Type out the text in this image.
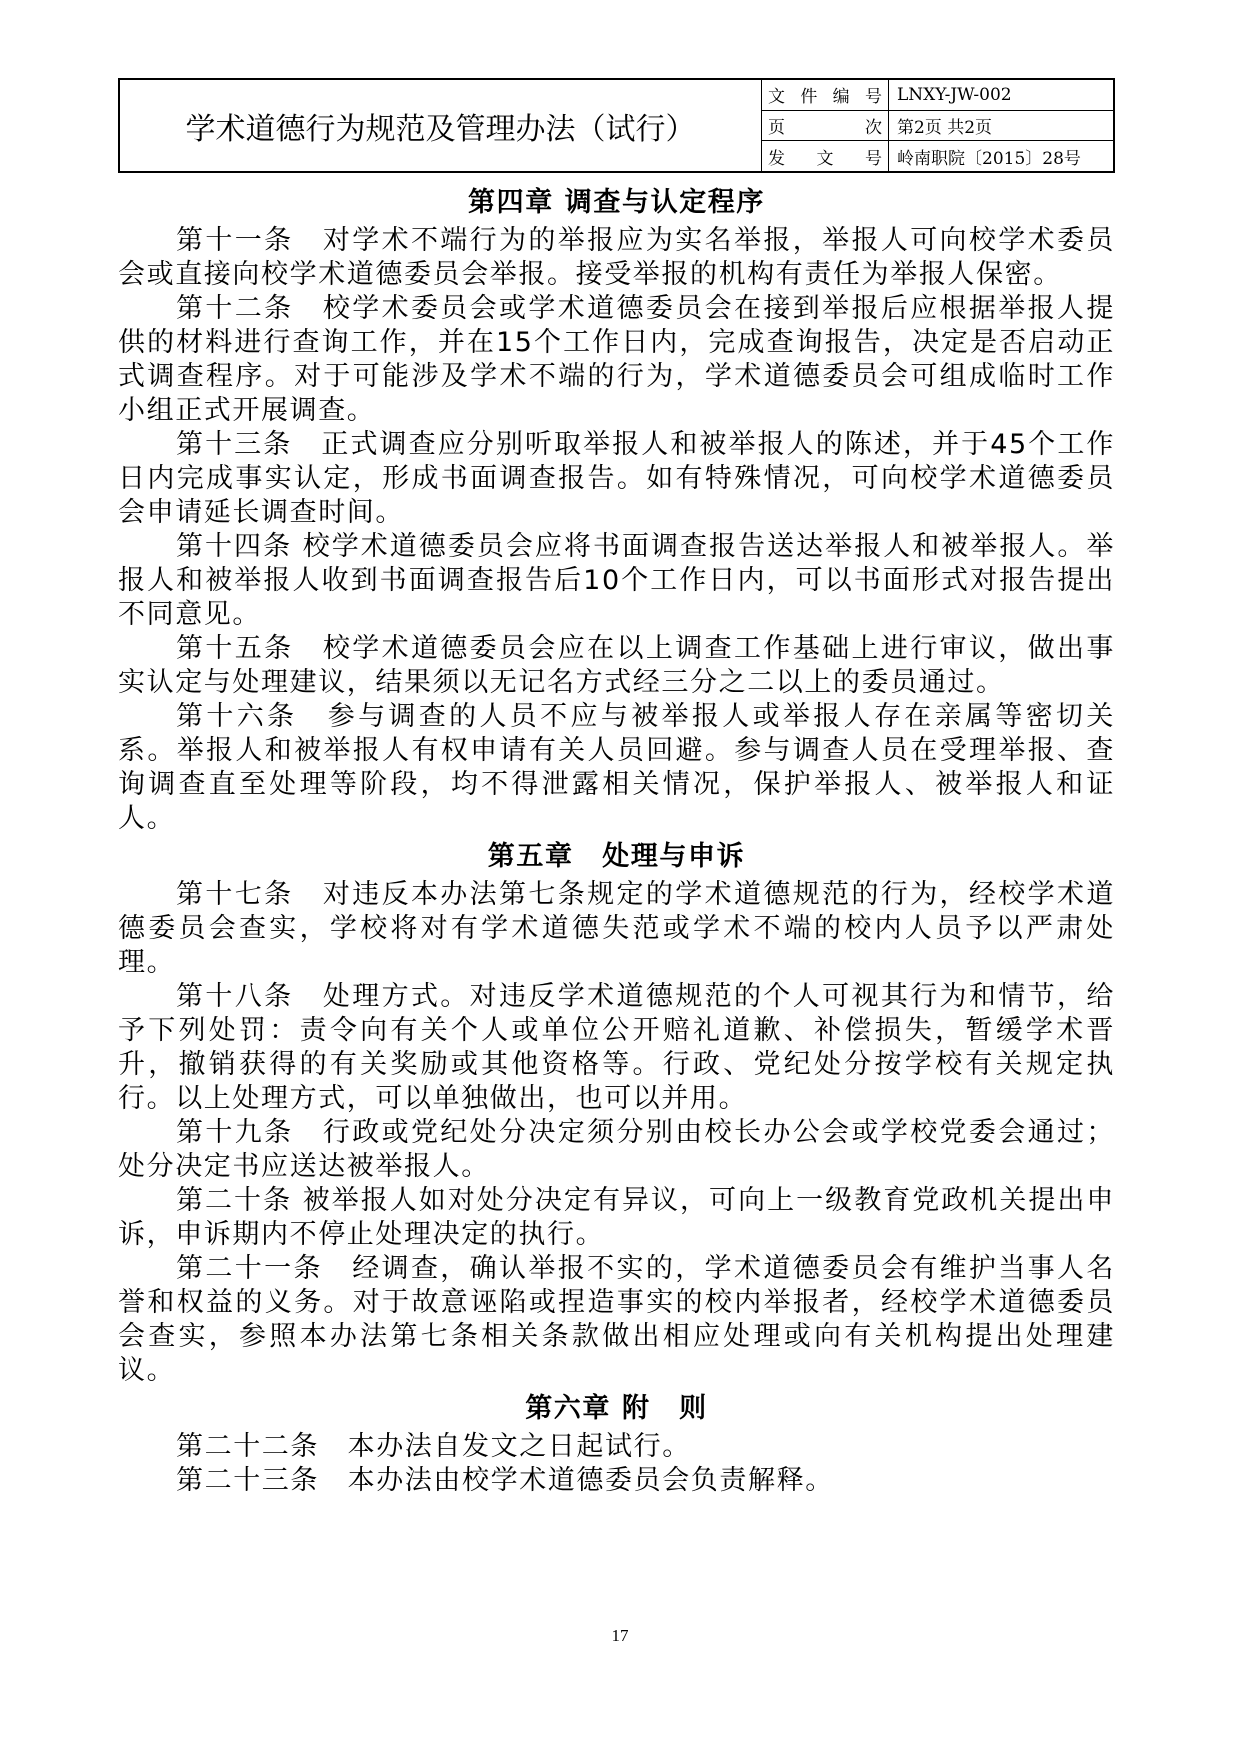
学术道德行为规范及管理办法（试行）
文 件 编 号 LNXY-JW-002
页	次 第2页 共2页
发 文 号 岭南职院〔2015〕28号
第四章 调查与认定程序

第十一条　对学术不端行为的举报应为实名举报，举报人可向校学术委员会或直接向校学术道德委员会举报。接受举报的机构有责任为举报人保密。

第十二条　校学术委员会或学术道德委员会在接到举报后应根据举报人提供的材料进行查询工作，并在15个工作日内，完成查询报告，决定是否启动正式调查程序。对于可能涉及学术不端的行为，学术道德委员会可组成临时工作小组正式开展调查。

第十三条　正式调查应分别听取举报人和被举报人的陈述，并于45个工作日内完成事实认定，形成书面调查报告。如有特殊情况，可向校学术道德委员会申请延长调查时间。

第十四条 校学术道德委员会应将书面调查报告送达举报人和被举报人。举报人和被举报人收到书面调查报告后10个工作日内，可以书面形式对报告提出不同意见。

第十五条　校学术道德委员会应在以上调查工作基础上进行审议，做出事实认定与处理建议，结果须以无记名方式经三分之二以上的委员通过。

第十六条　参与调查的人员不应与被举报人或举报人存在亲属等密切关系。举报人和被举报人有权申请有关人员回避。参与调查人员在受理举报、查询调查直至处理等阶段，均不得泄露相关情况，保护举报人、被举报人和证人。

第五章　处理与申诉

第十七条　对违反本办法第七条规定的学术道德规范的行为，经校学术道德委员会查实，学校将对有学术道德失范或学术不端的校内人员予以严肃处理。

第十八条　处理方式。对违反学术道德规范的个人可视其行为和情节，给予下列处罚：责令向有关个人或单位公开赔礼道歉、补偿损失，暂缓学术晋升，撤销获得的有关奖励或其他资格等。行政、党纪处分按学校有关规定执行。以上处理方式，可以单独做出，也可以并用。

第十九条　行政或党纪处分决定须分别由校长办公会或学校党委会通过；处分决定书应送达被举报人。

第二十条 被举报人如对处分决定有异议，可向上一级教育党政机关提出申诉，申诉期内不停止处理决定的执行。

第二十一条　经调查，确认举报不实的，学术道德委员会有维护当事人名誉和权益的义务。对于故意诬陷或捏造事实的校内举报者，经校学术道德委员会查实，参照本办法第七条相关条款做出相应处理或向有关机构提出处理建议。

第六章 附　则

第二十二条　本办法自发文之日起试行。

第二十三条　本办法由校学术道德委员会负责解释。

17
